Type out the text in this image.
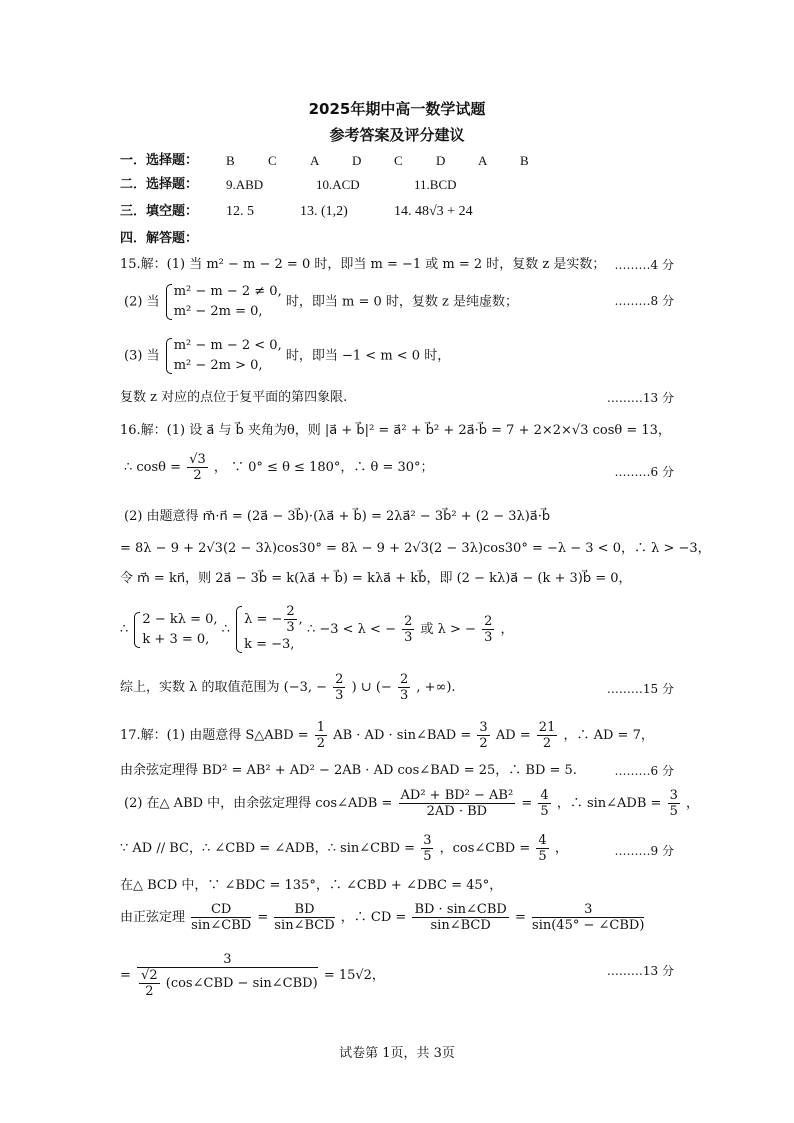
2025年期中高一数学试题
参考答案及评分建议
一．选择题： B	C	A	D	C	D	A	B
二．选择题： 9.ABD	10.ACD	11.BCD
三．填空题： 12. 5	13. (1,2)	14. 48√3 + 24
四．解答题：
15.解：(1) 当 m² − m − 2 = 0 时，即当 m = −1 或 m = 2 时，复数 z 是实数； ………4 分
(2) 当
m² − m − 2 ≠ 0,
m² − 2m = 0,
时，即当 m = 0 时，复数 z 是纯虚数；	………8 分
(3) 当
m² − m − 2 < 0,
m² − 2m > 0,
时，即当 −1 < m < 0 时，
复数 z 对应的点位于复平面的第四象限.	………13 分
16.解：(1) 设 a⃗ 与 b⃗ 夹角为θ，则 |a⃗ + b⃗|² = a⃗² + b⃗² + 2a⃗·b⃗ = 7 + 2×2×√3 cosθ = 13，
∴ $\cos\theta = \frac{√3}{2}$ ， ∵ 0° ≤ θ ≤ 180°，∴ θ = 30°；	………6 分
(2) 由题意得 m⃗·n⃗ = (2a⃗ − 3b⃗)·(λa⃗ + b⃗) = 2λa⃗² − 3b⃗² + (2 − 3λ)a⃗·b⃗
= 8λ − 9 + 2√3(2 − 3λ)cos30° = 8λ − 9 + 2√3(2 − 3λ)cos30° = −λ − 3 < 0，∴ λ > −3，
令 m⃗ = kn⃗，则 2a⃗ − 3b⃗ = k(λa⃗ + b⃗) = kλa⃗ + kb⃗，即 (2 − kλ)a⃗ − (k + 3)b⃗ = 0，
∴
2 − kλ = 0,
k + 3 = 0,
∴
λ = − $\frac{2}{3}$ ,
k = −3,
∴ −3 < λ < − $\frac{2}{3}$ 或 λ > − $\frac{2}{3}$ ，
综上，实数 λ 的取值范围为 (−3, − $\frac{2}{3}$ ) ∪ (− $\frac{2}{3}$ , +∞).	………15 分
17.解：(1) 由题意得 S△ABD = $\frac{1}{2}$ AB · AD · sin∠BAD = $\frac{3}{2}$ AD = $\frac{21}{2}$ ，∴ AD = 7，
由余弦定理得 BD² = AB² + AD² − 2AB · AD cos∠BAD = 25，∴ BD = 5.	………6 分
(2) 在△ ABD 中，由余弦定理得 cos∠ADB = $\frac{\text{AD² + BD² − AB²}}{2AD \cdot BD} = \frac{4}{5}$ ，∴ sin∠ADB = $\frac{3}{5}$ ，
∵ AD // BC，∴ ∠CBD = ∠ADB，∴ sin∠CBD = $\frac{3}{5}$ ，cos∠CBD = $\frac{4}{5}$ ，	………9 分
在△ BCD 中，∵ ∠BDC = 135°，∴ ∠CBD + ∠DBC = 45°，
由正弦定理 $\frac{CD}{\text{sin∠CBD}} = \frac{BD}{\text{sin∠BCD}}$ ，∴ CD = $\frac{\text{BD · sin∠CBD}}{\text{sin∠BCD}} = \frac{3}{\text{sin(45° − ∠CBD)}}$
= $\frac{3}{\frac{√2}{2} (\cos\angle CBD - \sin\angle CBD)} = 15√2$，	………13 分
试卷第 1页，共 3页
